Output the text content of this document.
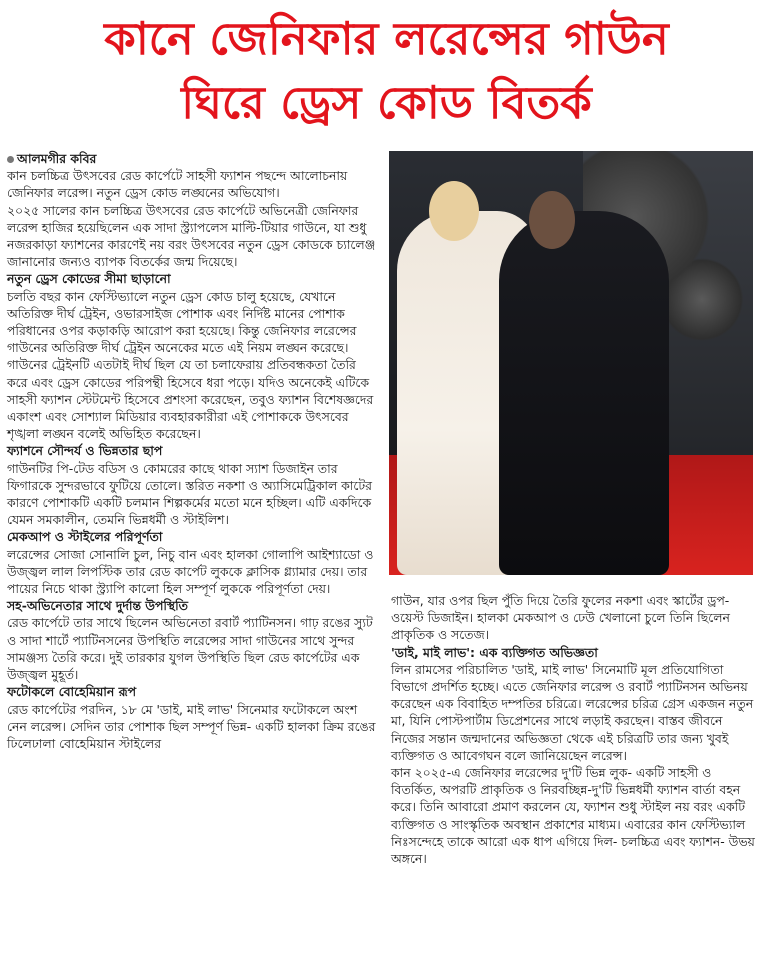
কানে জেনিফার লরেন্সের গাউন
ঘিরে ড্রেস কোড বিতর্ক

আলমগীর কবির

কান চলচ্চিত্র উৎসবের রেড কার্পেটে সাহসী ফ্যাশন পছন্দে আলোচনায় জেনিফার লরেন্স। নতুন ড্রেস কোড লঙ্ঘনের অভিযোগ।

২০২৫ সালের কান চলচ্চিত্র উৎসবের রেড কার্পেটে অভিনেত্রী জেনিফার লরেন্স হাজির হয়েছিলেন এক সাদা স্ট্র্যাপলেস মাল্টি-টিয়ার গাউনে, যা শুধু নজরকাড়া ফ্যাশনের কারণেই নয় বরং উৎসবের নতুন ড্রেস কোডকে চ্যালেঞ্জ জানানোর জন্যও ব্যাপক বিতর্কের জন্ম দিয়েছে।

নতুন ড্রেস কোডের সীমা ছাড়ানো

চলতি বছর কান ফেস্টিভ্যালে নতুন ড্রেস কোড চালু হয়েছে, যেখানে অতিরিক্ত দীর্ঘ ট্রেইন, ওভারসাইজ পোশাক এবং নির্দিষ্ট মানের পোশাক পরিধানের ওপর কড়াকড়ি আরোপ করা হয়েছে। কিন্তু জেনিফার লরেন্সের গাউনের অতিরিক্ত দীর্ঘ ট্রেইন অনেকের মতে এই নিয়ম লঙ্ঘন করেছে।

গাউনের ট্রেইনটি এতটাই দীর্ঘ ছিল যে তা চলাফেরায় প্রতিবন্ধকতা তৈরি করে এবং ড্রেস কোডের পরিপন্থী হিসেবে ধরা পড়ে। যদিও অনেকেই এটিকে সাহসী ফ্যাশন স্টেটমেন্ট হিসেবে প্রশংসা করেছেন, তবুও ফ্যাশন বিশেষজ্ঞদের একাংশ এবং সোশ্যাল মিডিয়ার ব্যবহারকারীরা এই পোশাককে উৎসবের শৃঙ্খলা লঙ্ঘন বলেই অভিহিত করেছেন।

ফ্যাশনে সৌন্দর্য ও ভিন্নতার ছাপ

গাউনটির পি-টেড বডিস ও কোমরের কাছে থাকা স্যাশ ডিজাইন তার ফিগারকে সুন্দরভাবে ফুটিয়ে তোলে। স্তরিত নকশা ও অ্যাসিমেট্রিকাল কাটের কারণে পোশাকটি একটি চলমান শিল্পকর্মের মতো মনে হচ্ছিল। এটি একদিকে যেমন সমকালীন, তেমনি ভিন্নধর্মী ও স্টাইলিশ।

মেকআপ ও স্টাইলের পরিপূর্ণতা

লরেন্সের সোজা সোনালি চুল, নিচু বান এবং হালকা গোলাপি আইশ্যাডো ও উজ্জ্বল লাল লিপস্টিক তার রেড কার্পেট লুককে ক্লাসিক গ্ল্যামার দেয়। তার পায়ের নিচে থাকা স্ট্র্যাপি কালো হিল সম্পূর্ণ লুককে পরিপূর্ণতা দেয়।

সহ-অভিনেতার সাথে দুর্দান্ত উপস্থিতি

রেড কার্পেটে তার সাথে ছিলেন অভিনেতা রবার্ট প্যাটিনসন। গাঢ় রঙের স্যুট ও সাদা শার্টে প্যাটিনসনের উপস্থিতি লরেন্সের সাদা গাউনের সাথে সুন্দর সামঞ্জস্য তৈরি করে। দুই তারকার যুগল উপস্থিতি ছিল রেড কার্পেটের এক উজ্জ্বল মুহূর্ত।

ফটোকলে বোহেমিয়ান রূপ

রেড কার্পেটের পরদিন, ১৮ মে 'ডাই, মাই লাভ' সিনেমার ফটোকলে অংশ নেন লরেন্স। সেদিন তার পোশাক ছিল সম্পূর্ণ ভিন্ন- একটি হালকা ক্রিম রঙের ঢিলেঢালা বোহেমিয়ান স্টাইলের

গাউন, যার ওপর ছিল পুঁতি দিয়ে তৈরি ফুলের নকশা এবং স্কার্টের ড্রপ-ওয়েস্ট ডিজাইন। হালকা মেকআপ ও ঢেউ খেলানো চুলে তিনি ছিলেন প্রাকৃতিক ও সতেজ।

'ডাই, মাই লাভ': এক ব্যক্তিগত অভিজ্ঞতা

লিন রামসের পরিচালিত 'ডাই, মাই লাভ' সিনেমাটি মূল প্রতিযোগিতা বিভাগে প্রদর্শিত হচ্ছে। এতে জেনিফার লরেন্স ও রবার্ট প্যাটিনসন অভিনয় করেছেন এক বিবাহিত দম্পতির চরিত্রে। লরেন্সের চরিত্র গ্রেস একজন নতুন মা, যিনি পোস্টপার্টাম ডিপ্রেশনের সাথে লড়াই করছেন। বাস্তব জীবনে নিজের সন্তান জন্মদানের অভিজ্ঞতা থেকে এই চরিত্রটি তার জন্য খুবই ব্যক্তিগত ও আবেগঘন বলে জানিয়েছেন লরেন্স।

কান ২০২৫-এ জেনিফার লরেন্সের দু'টি ভিন্ন লুক- একটি সাহসী ও বিতর্কিত, অপরটি প্রাকৃতিক ও নিরবচ্ছিন্ন-দু'টি ভিন্নধর্মী ফ্যাশন বার্তা বহন করে। তিনি আবারো প্রমাণ করলেন যে, ফ্যাশন শুধু স্টাইল নয় বরং একটি ব্যক্তিগত ও সাংস্কৃতিক অবস্থান প্রকাশের মাধ্যম। এবারের কান ফেস্টিভ্যাল নিঃসন্দেহে তাকে আরো এক ধাপ এগিয়ে দিল- চলচ্চিত্র এবং ফ্যাশন- উভয় অঙ্গনে।
